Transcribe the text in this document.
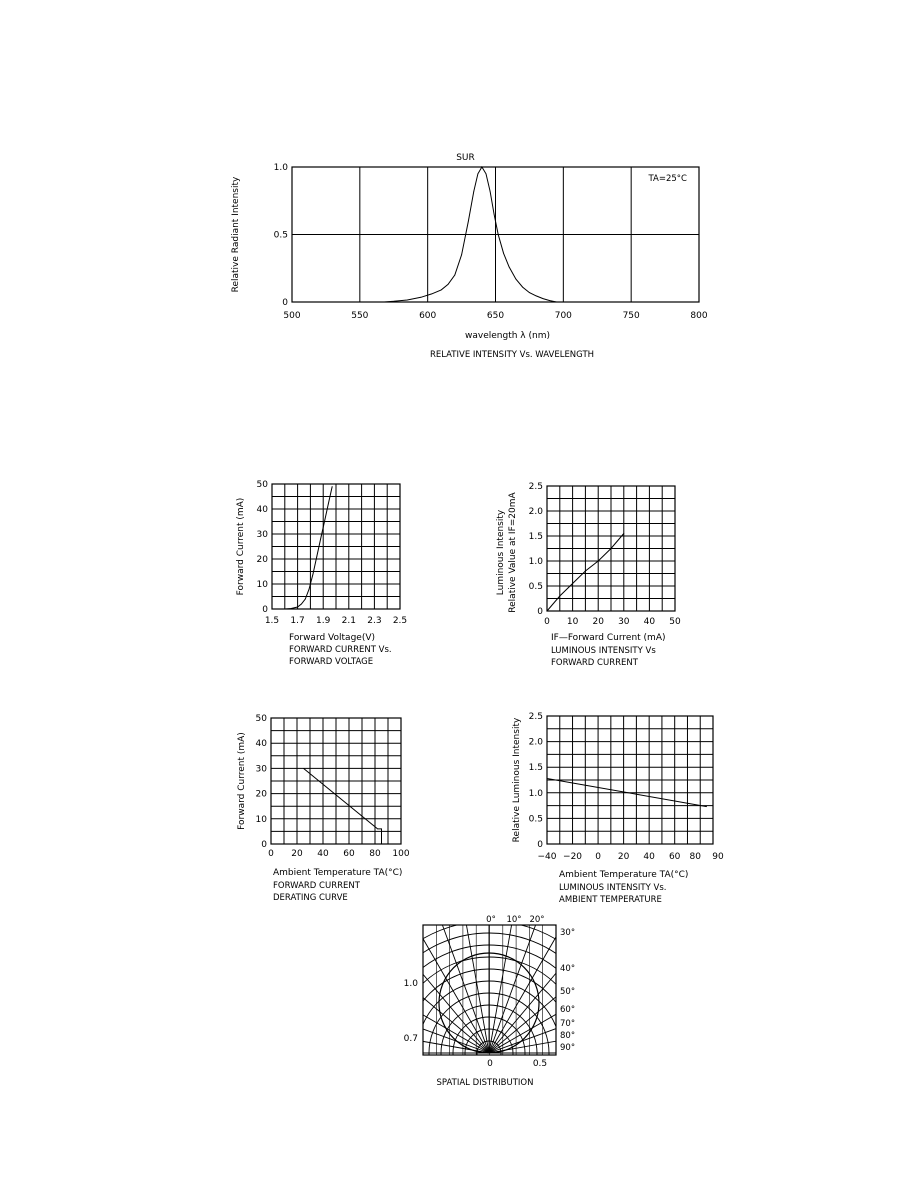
500	550	600	650	700	750	800
0
0.5
1.0
Relative Radiant Intensity
wavelength λ (nm)
RELATIVE INTENSITY Vs. WAVELENGTH
SUR
TA=25°C
1.5 1.7 1.9 2.1 2.3 2.5
0
10
20
30
40
50
Forward Current (mA)
Forward Voltage(V)
FORWARD CURRENT Vs.
FORWARD VOLTAGE
0 10 20 30 40 50
0
0.5
1.0
1.5
2.0
2.5
Luminous Intensity Relative Value at IF=20mA
IF—Forward Current (mA)
LUMINOUS INTENSITY Vs
FORWARD CURRENT
0 20 40 60 80 100
0
10
20
30
40
50
Forward Current (mA)
Ambient Temperature TA(°C)
FORWARD CURRENT
DERATING CURVE
−40 −20 0 20 40 60 80 90
0
0.5
1.0
1.5
2.0
2.5
Relative Luminous Intensity
Ambient Temperature TA(°C)
LUMINOUS INTENSITY Vs.
AMBIENT TEMPERATURE
0° 10° 20°
30°
40°
50°
60°
70°
80°
90°
1.0
0.7
0	0.5
SPATIAL DISTRIBUTION
